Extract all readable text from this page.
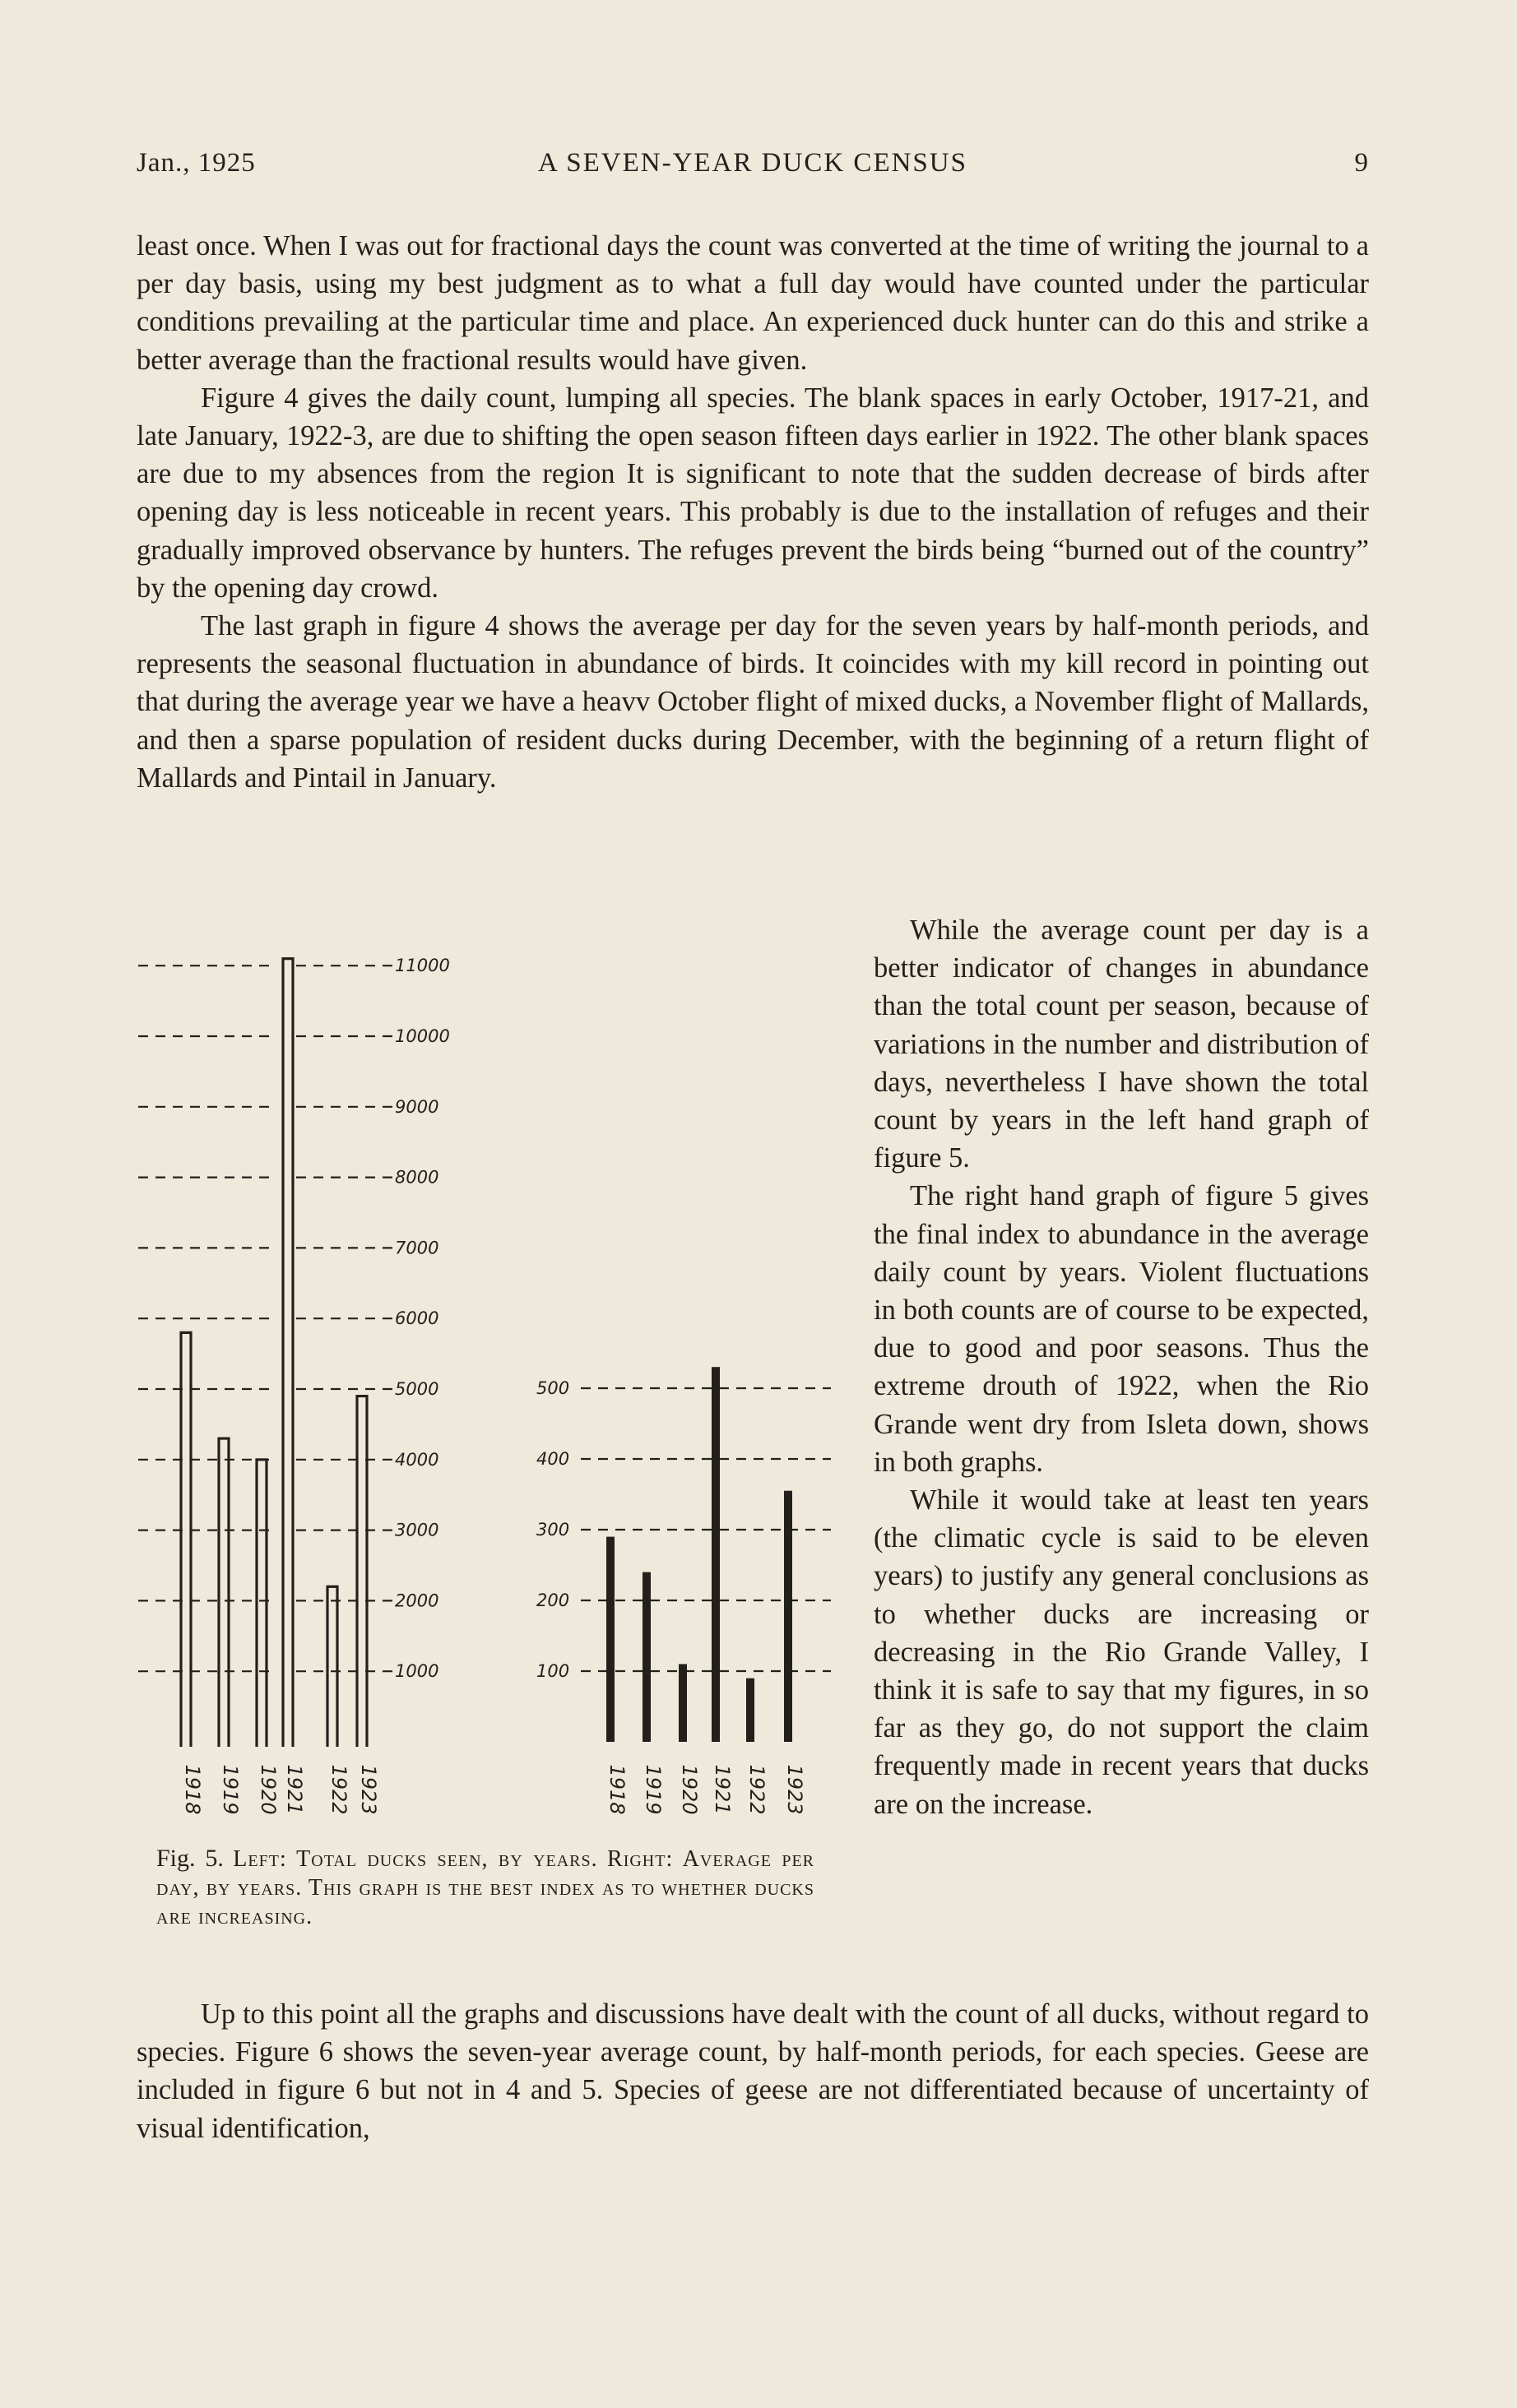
Jan., 1925	A SEVEN-YEAR DUCK CENSUS	9

least once. When I was out for fractional days the count was converted at the time of writing the journal to a per day basis, using my best judgment as to what a full day would have counted under the particular conditions prevailing at the particular time and place. An experienced duck hunter can do this and strike a better average than the fractional results would have given.

Figure 4 gives the daily count, lumping all species. The blank spaces in early October, 1917-21, and late January, 1922-3, are due to shifting the open season fifteen days earlier in 1922. The other blank spaces are due to my absences from the region It is significant to note that the sudden decrease of birds after opening day is less noticeable in recent years. This probably is due to the installation of refuges and their gradually improved observance by hunters. The refuges prevent the birds being “burned out of the country” by the opening day crowd.

The last graph in figure 4 shows the average per day for the seven years by half-month periods, and represents the seasonal fluctuation in abundance of birds. It coincides with my kill record in pointing out that during the average year we have a heavv October flight of mixed ducks, a November flight of Mallards, and then a sparse population of resident ducks during December, with the beginning of a return flight of Mallards and Pintail in January.

While the average count per day is a better indicator of changes in abundance than the total count per season, because of variations in the number and distribution of days, nevertheless I have shown the total count by years in the left hand graph of figure 5.

The right hand graph of figure 5 gives the final index to abundance in the average daily count by years. Violent fluctuations in both counts are of course to be expected, due to good and poor seasons. Thus the extreme drouth of 1922, when the Rio Grande went dry from Isleta down, shows in both graphs.

While it would take at least ten years (the climatic cycle is said to be eleven years) to justify any general conclusions as to whether ducks are increasing or decreasing in the Rio Grande Valley, I think it is safe to say that my figures, in so far as they go, do not support the claim frequently made in recent years that ducks are on the increase.

1000
2000
3000
4000
5000
6000
7000
8000
9000
10000
11000
1918 1919 1920 1921 1922 1923
100
200
300
400
500
1918 1919 1920 1921 1922 1923
Fig. 5. Left: Total ducks seen, by years. Right: Average per day, by years. This graph is the best index as to whether ducks are increasing.

Up to this point all the graphs and discussions have dealt with the count of all ducks, without regard to species. Figure 6 shows the seven-year average count, by half-month periods, for each species. Geese are included in figure 6 but not in 4 and 5. Species of geese are not differentiated because of uncertainty of visual identification,
